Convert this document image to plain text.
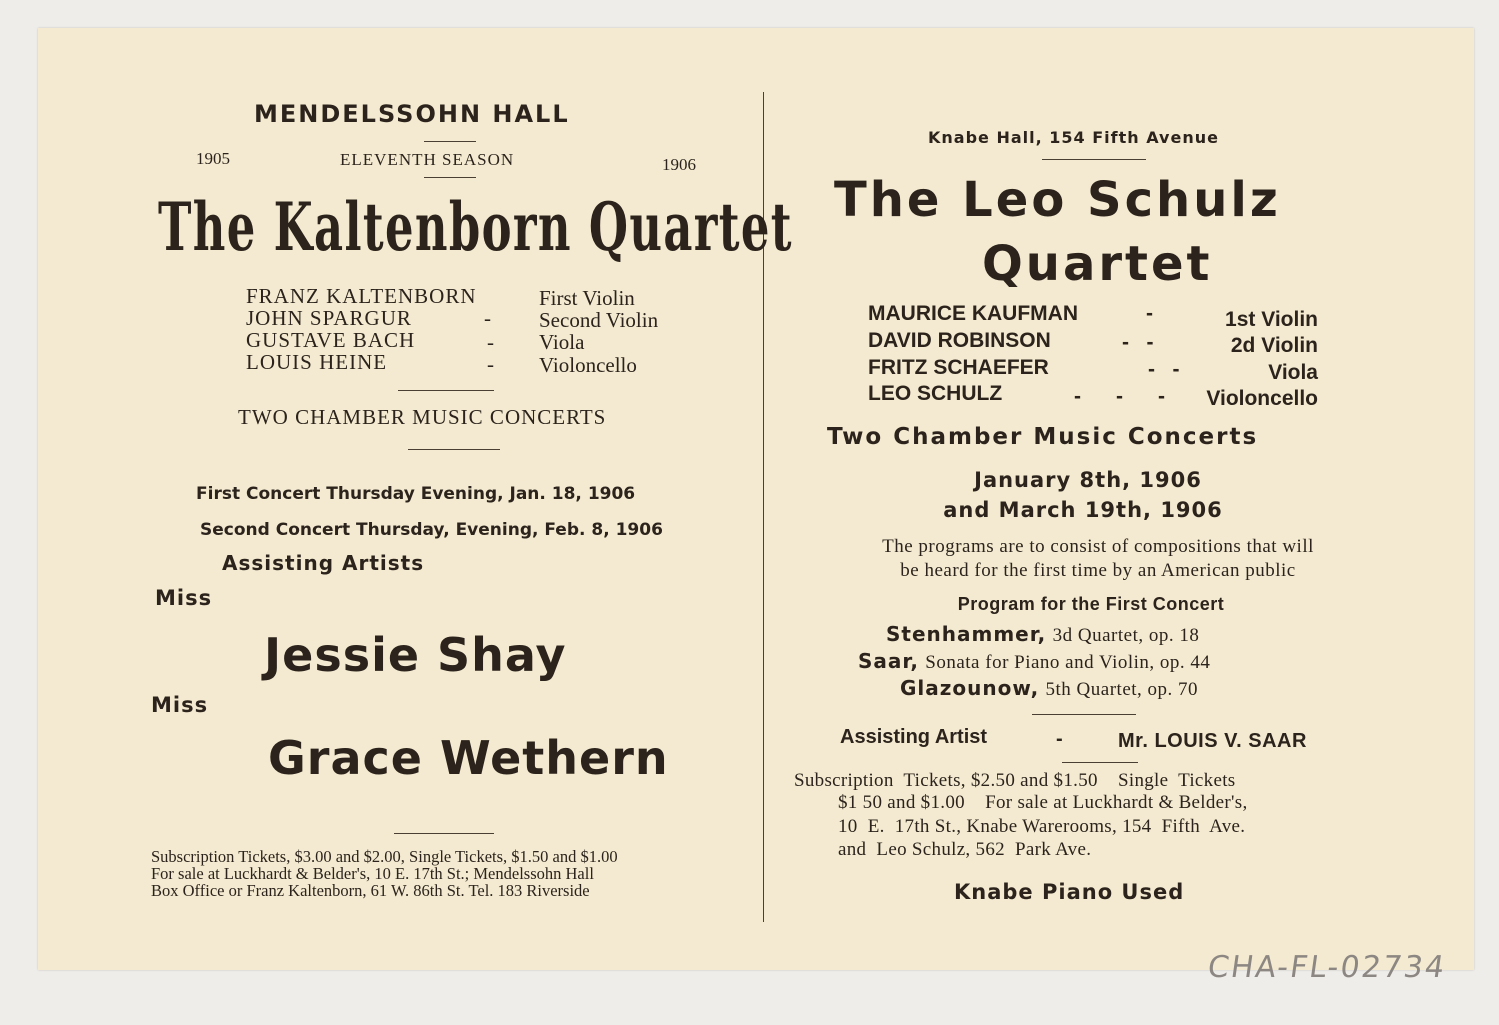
MENDELSSOHN HALL
1905	ELEVENTH SEASON	1906
The Kaltenborn Quartet
FRANZ KALTENBORN	First Violin
JOHN SPARGUR	- Second Violin
GUSTAVE BACH	- Viola
LOUIS HEINE	- Violoncello
TWO CHAMBER MUSIC CONCERTS
First Concert Thursday Evening, Jan. 18, 1906
Second Concert Thursday, Evening, Feb. 8, 1906
Assisting Artists
Miss
Jessie Shay
Miss
Grace Wethern
Subscription Tickets, $3.00 and $2.00, Single Tickets, $1.50 and $1.00
For sale at Luckhardt & Belder's, 10 E. 17th St.; Mendelssohn Hall
Box Office or Franz Kaltenborn, 61 W. 86th St. Tel. 183 Riverside
Knabe Hall, 154 Fifth Avenue
The Leo Schulz
Quartet
MAURICE KAUFMAN	-	1st Violin
DAVID ROBINSON	-   -	2d Violin
FRITZ SCHAEFER	-   -	Viola
LEO SCHULZ	-      -      -	Violoncello
Two Chamber Music Concerts
January 8th, 1906
and March 19th, 1906
The programs are to consist of compositions that will
be heard for the first time by an American public
Program for the First Concert
Stenhammer, 3d Quartet, op. 18
Saar, Sonata for Piano and Violin, op. 44
Glazounow, 5th Quartet, op. 70
Assisting Artist	-	Mr. LOUIS V. SAAR
Subscription  Tickets, $2.50 and $1.50    Single  Tickets
$1 50 and $1.00    For sale at Luckhardt & Belder's,
10  E.  17th St., Knabe Warerooms, 154  Fifth  Ave.
and  Leo Schulz, 562  Park Ave.
Knabe Piano Used
CHA-FL-02734
